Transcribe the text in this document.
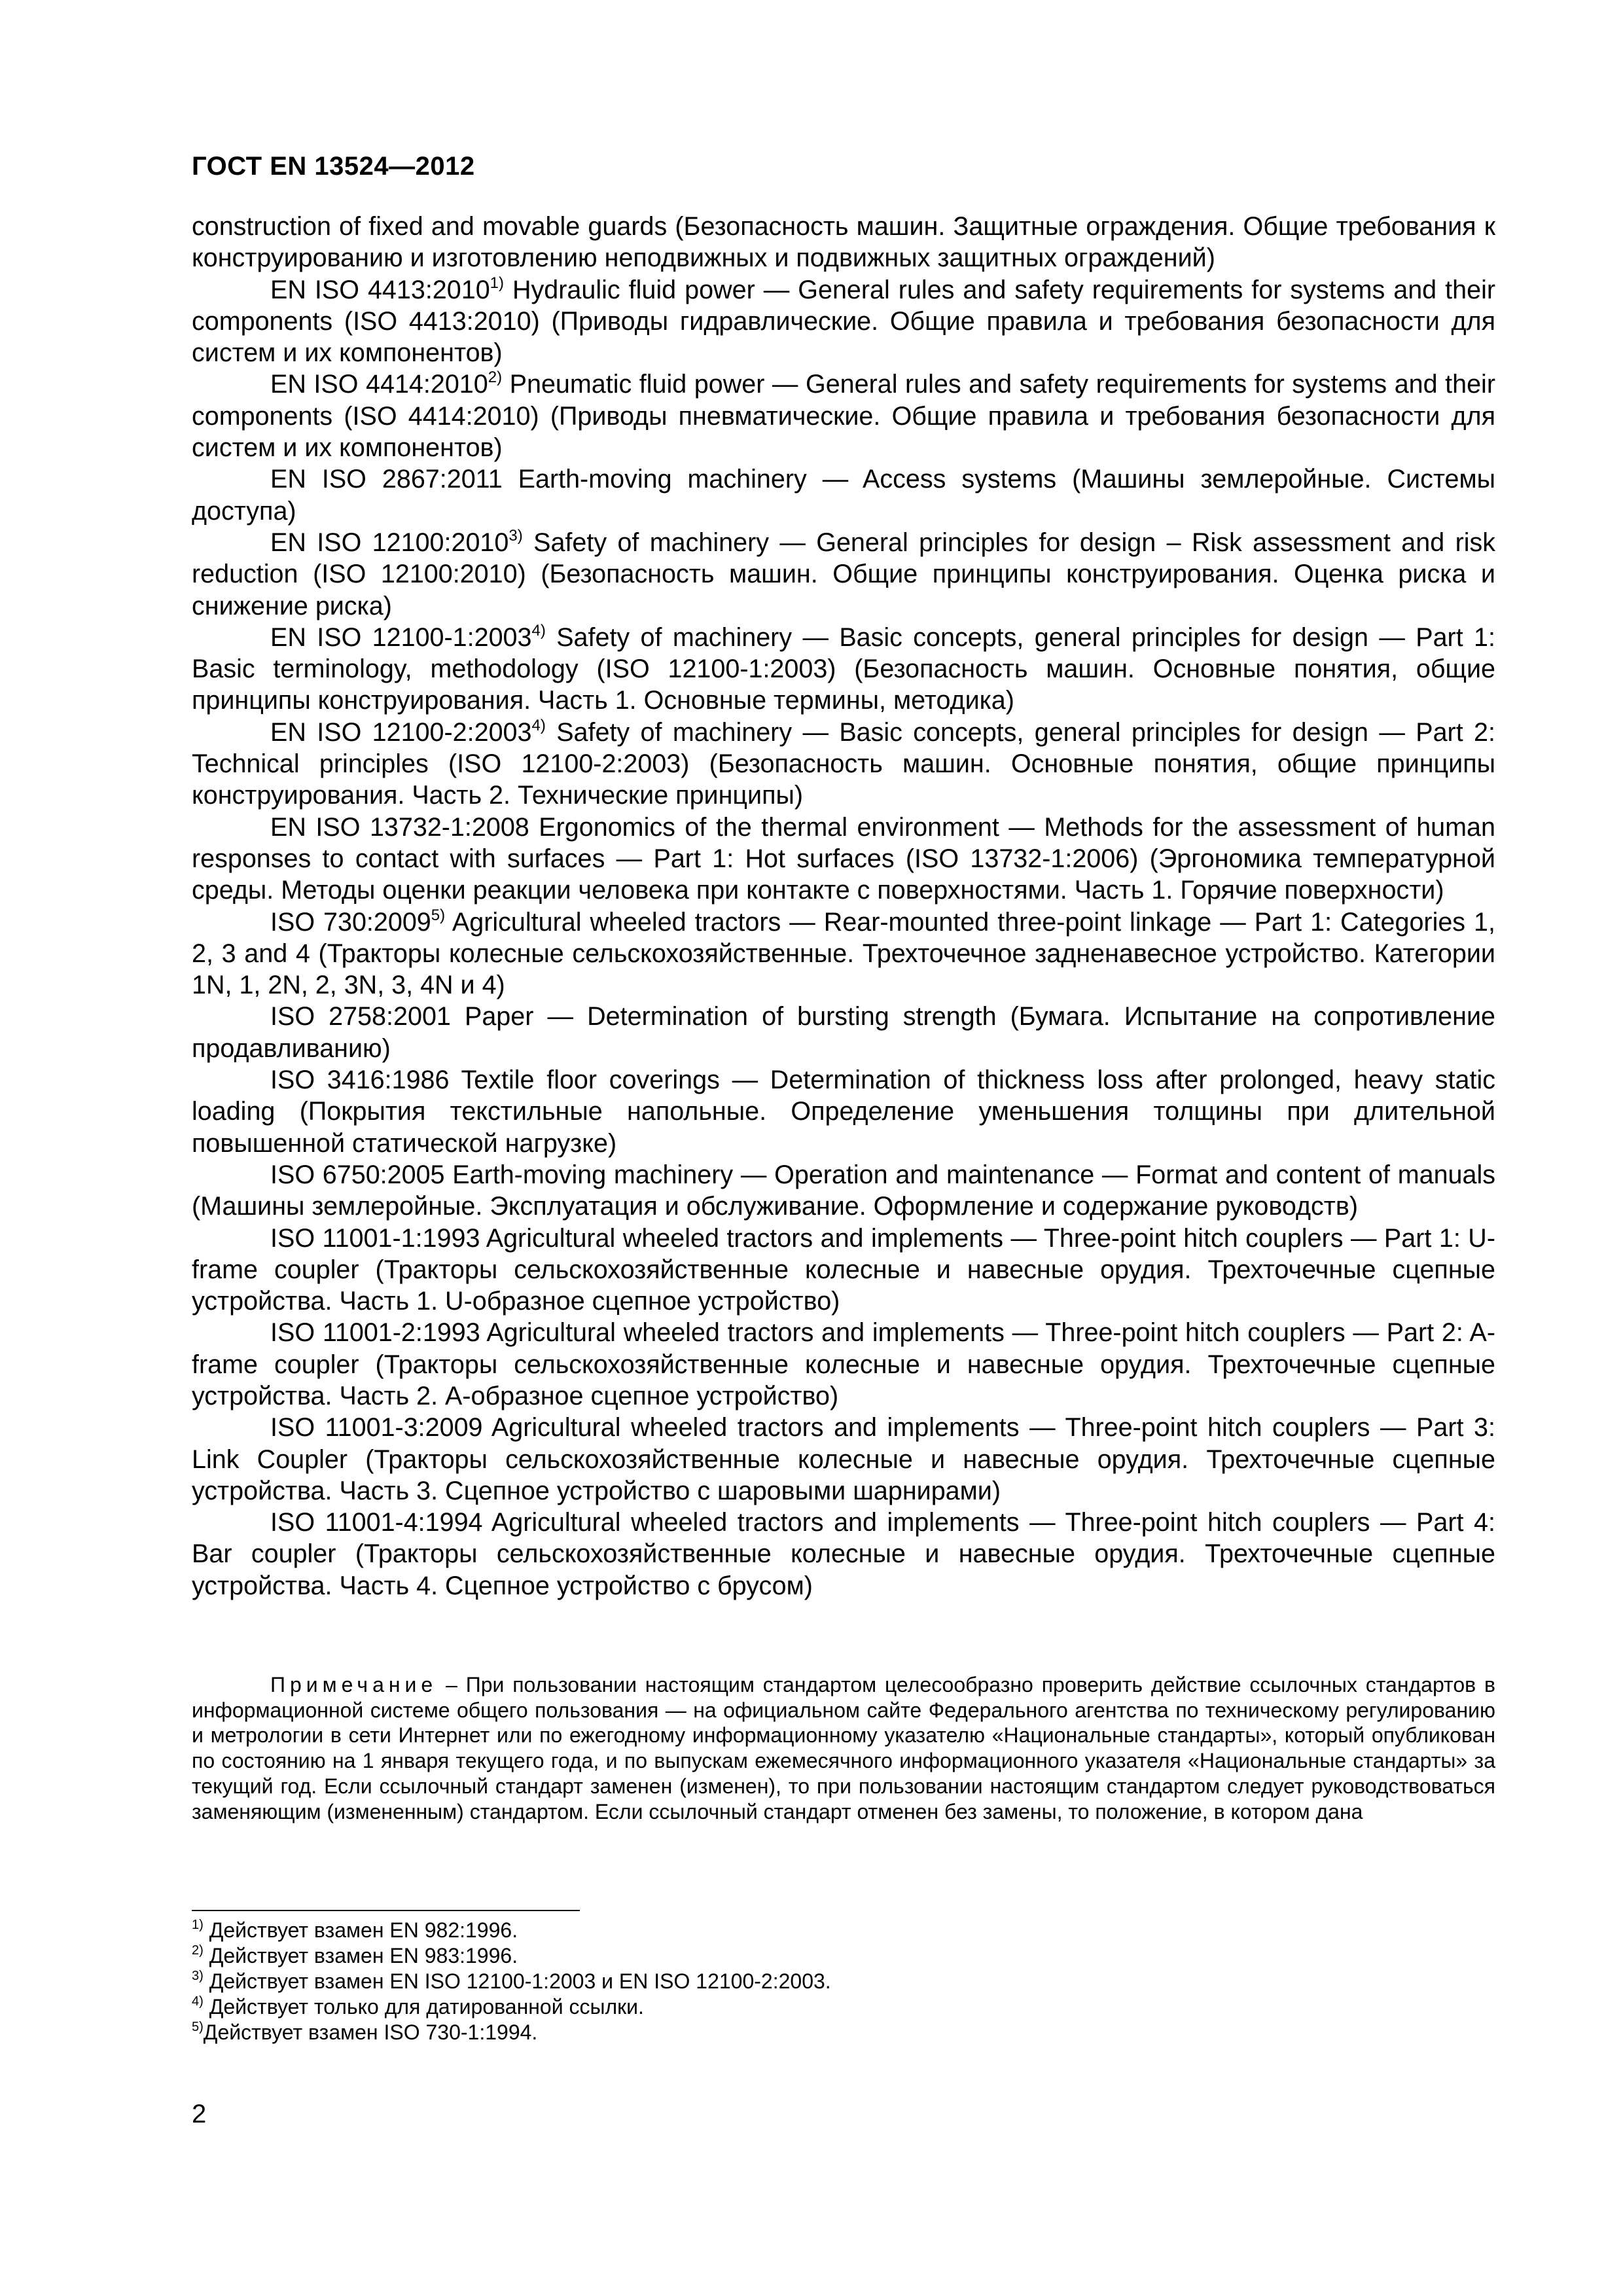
ГОСТ EN 13524—2012

construction of fixed and movable guards (Безопасность машин. Защитные ограждения. Общие требования к конструированию и изготовлению неподвижных и подвижных защитных ограждений)

EN ISO 4413:2010$^{1)}$ Hydraulic fluid power — General rules and safety requirements for systems and their components (ISO 4413:2010) (Приводы гидравлические. Общие правила и требования безопасности для систем и их компонентов)

EN ISO 4414:2010$^{2)}$ Pneumatic fluid power — General rules and safety requirements for systems and their components (ISO 4414:2010) (Приводы пневматические. Общие правила и требования безопасности для систем и их компонентов)

EN ISO 2867:2011 Earth-moving machinery — Access systems (Машины землеройные. Системы доступа)

EN ISO 12100:2010$^{3)}$ Safety of machinery — General principles for design – Risk assessment and risk reduction (ISO 12100:2010) (Безопасность машин. Общие принципы конструирования. Оценка риска и снижение риска)

EN ISO 12100-1:2003$^{4)}$ Safety of machinery — Basic concepts, general principles for design — Part 1: Basic terminology, methodology (ISO 12100-1:2003) (Безопасность машин. Основные понятия, общие принципы конструирования. Часть 1. Основные термины, методика)

EN ISO 12100-2:2003$^{4)}$ Safety of machinery — Basic concepts, general principles for design — Part 2: Technical principles (ISO 12100-2:2003) (Безопасность машин. Основные понятия, общие принципы конструирования. Часть 2. Технические принципы)

EN ISO 13732-1:2008 Ergonomics of the thermal environment — Methods for the assessment of human responses to contact with surfaces — Part 1: Hot surfaces (ISO 13732-1:2006) (Эргономика температурной среды. Методы оценки реакции человека при контакте с поверхностями. Часть 1. Горячие поверхности)

ISO 730:2009$^{5)}$ Agricultural wheeled tractors — Rear-mounted three-point linkage — Part 1: Categories 1, 2, 3 and 4 (Тракторы колесные сельскохозяйственные. Трехточечное задненавесное устройство. Категории 1N, 1, 2N, 2, 3N, 3, 4N и 4)

ISO 2758:2001 Paper — Determination of bursting strength (Бумага. Испытание на сопротивление продавливанию)

ISO 3416:1986 Textile floor coverings — Determination of thickness loss after prolonged, heavy static loading (Покрытия текстильные напольные. Определение уменьшения толщины при длительной повышенной статической нагрузке)

ISO 6750:2005 Earth-moving machinery — Operation and maintenance — Format and content of manuals (Машины землеройные. Эксплуатация и обслуживание. Оформление и содержание руководств)

ISO 11001-1:1993 Agricultural wheeled tractors and implements — Three-point hitch couplers — Part 1: U-frame coupler (Тракторы сельскохозяйственные колесные и навесные орудия. Трехточечные сцепные устройства. Часть 1. U-образное сцепное устройство)

ISO 11001-2:1993 Agricultural wheeled tractors and implements — Three-point hitch couplers — Part 2: A-frame coupler (Тракторы сельскохозяйственные колесные и навесные орудия. Трехточечные сцепные устройства. Часть 2. А-образное сцепное устройство)

ISO 11001-3:2009 Agricultural wheeled tractors and implements — Three-point hitch couplers — Part 3: Link Coupler (Тракторы сельскохозяйственные колесные и навесные орудия. Трехточечные сцепные устройства. Часть 3. Сцепное устройство с шаровыми шарнирами)

ISO 11001-4:1994 Agricultural wheeled tractors and implements — Three-point hitch couplers — Part 4: Bar coupler (Тракторы сельскохозяйственные колесные и навесные орудия. Трехточечные сцепные устройства. Часть 4. Сцепное устройство с брусом)

Примечание – При пользовании настоящим стандартом целесообразно проверить действие ссылочных стандартов в информационной системе общего пользования — на официальном сайте Федерального агентства по техническому регулированию и метрологии в сети Интернет или по ежегодному информационному указателю «Национальные стандарты», который опубликован по состоянию на 1 января текущего года, и по выпускам ежемесячного информационного указателя «Национальные стандарты» за текущий год. Если ссылочный стандарт заменен (изменен), то при пользовании настоящим стандартом следует руководствоваться заменяющим (измененным) стандартом. Если ссылочный стандарт отменен без замены, то положение, в котором дана
$^{1)}$ Действует взамен EN 982:1996.
$^{2)}$ Действует взамен EN 983:1996.
$^{3)}$ Действует взамен EN ISO 12100-1:2003 и EN ISO 12100-2:2003.
$^{4)}$ Действует только для датированной ссылки.
$^{5)}$Действует взамен ISO 730-1:1994.
2
